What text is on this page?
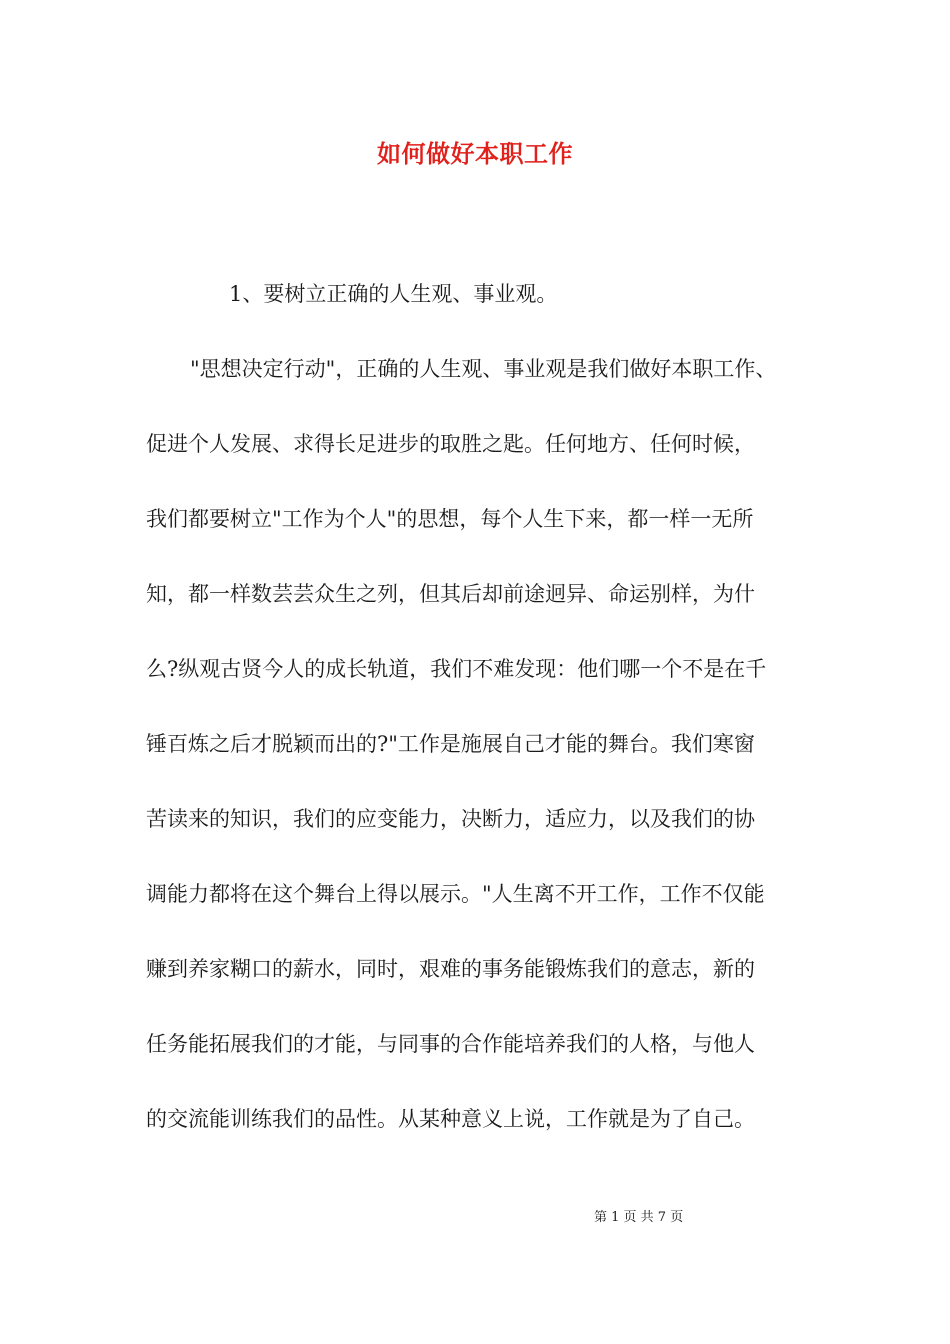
如何做好本职工作
1、要树立正确的人生观、事业观。
"思想决定行动"，正确的人生观、事业观是我们做好本职工作、
促进个人发展、求得长足进步的取胜之匙。任何地方、任何时候，
我们都要树立"工作为个人"的思想，每个人生下来，都一样一无所
知，都一样数芸芸众生之列，但其后却前途迥异、命运别样，为什
么?纵观古贤今人的成长轨道，我们不难发现：他们哪一个不是在千
锤百炼之后才脱颖而出的?"工作是施展自己才能的舞台。我们寒窗
苦读来的知识，我们的应变能力，决断力，适应力，以及我们的协
调能力都将在这个舞台上得以展示。"人生离不开工作，工作不仅能
赚到养家糊口的薪水，同时，艰难的事务能锻炼我们的意志，新的
任务能拓展我们的才能，与同事的合作能培养我们的人格，与他人
的交流能训练我们的品性。从某种意义上说，工作就是为了自己。
第 1 页 共 7 页
